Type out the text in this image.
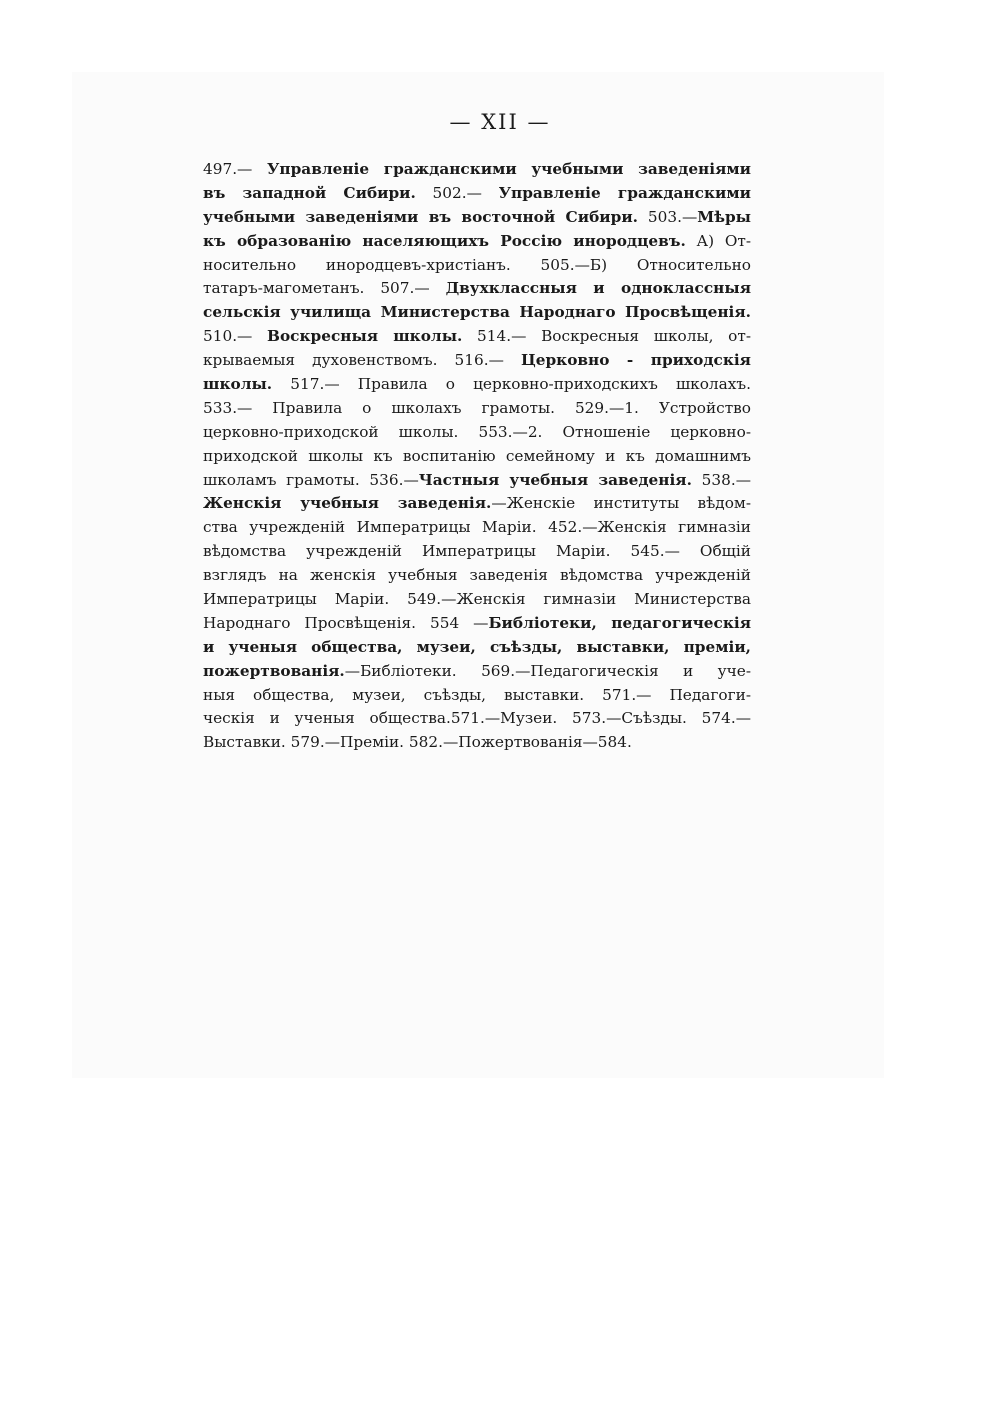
— XII —
497.— Управленіе гражданскими учебными заведеніями
въ западной Сибири. 502.— Управленіе гражданскими
учебными заведеніями въ восточной Сибири. 503.—Мѣры
къ образованію населяющихъ Россію инородцевъ. А) От-
носительно инородцевъ-христіанъ. 505.—Б) Относительно
татаръ-магометанъ. 507.— Двухклассныя и одноклассныя
сельскія училища Министерства Народнаго Просвѣщенія.
510.— Воскресныя школы. 514.— Воскресныя школы, от-
крываемыя духовенствомъ. 516.— Церковно - приходскія
школы. 517.— Правила о церковно-приходскихъ школахъ.
533.— Правила о школахъ грамоты. 529.—1. Устройство
церковно-приходской школы. 553.—2. Отношеніе церковно-
приходской школы къ воспитанію семейному и къ домашнимъ
школамъ грамоты. 536.—Частныя учебныя заведенія. 538.—
Женскія учебныя заведенія.—Женскіе институты вѣдом-
ства учрежденій Императрицы Маріи. 452.—Женскія гимназіи
вѣдомства учрежденій Императрицы Маріи. 545.— Общій
взглядъ на женскія учебныя заведенія вѣдомства учрежденій
Императрицы Маріи. 549.—Женскія гимназіи Министерства
Народнаго Просвѣщенія. 554 —Библіотеки, педагогическія
и ученыя общества, музеи, съѣзды, выставки, преміи,
пожертвованія.—Библіотеки. 569.—Педагогическія и уче-
ныя общества, музеи, съѣзды, выставки. 571.— Педагоги-
ческія и ученыя общества.571.—Музеи. 573.—Съѣзды. 574.—
Выставки. 579.—Преміи. 582.—Пожертвованія—584.
